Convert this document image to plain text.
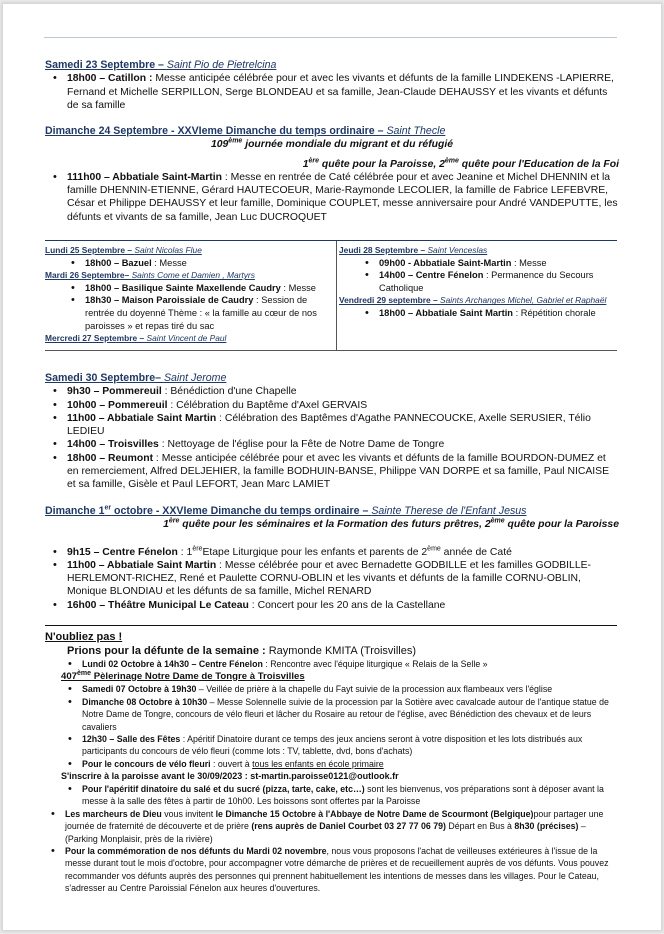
Samedi 23 Septembre – Saint Pio de Pietrelcina
• 18h00 – Catillon : Messe anticipée célébrée pour et avec les vivants et défunts de la famille LINDEKENS -LAPIERRE, Fernand et Michelle SERPILLON, Serge BLONDEAU et sa famille, Jean-Claude DEHAUSSY et les vivants et défunts de sa famille
Dimanche 24 Septembre - XXVIeme Dimanche du temps ordinaire – Saint Thecle
109ème journée mondiale du migrant et du réfugié
1ère quête pour la Paroisse, 2ème quête pour l'Education de la Foi
• 111h00 – Abbatiale Saint-Martin : Messe en rentrée de Caté célébrée pour et avec Jeanine et Michel DHENNIN et la famille DHENNIN-ETIENNE, Gérard HAUTECOEUR, Marie-Raymonde LECOLIER, la famille de Fabrice LEFEBVRE, César et Philippe DEHAUSSY et leur famille, Dominique COUPLET, messe anniversaire pour André VANDEPUTTE, les défunts et vivants de sa famille, Jean Luc DUCROQUET
Lundi 25 Septembre – Saint Nicolas Flue
• 18h00 – Bazuel : Messe
Mardi 26 Septembre– Saints Come et Damien , Martyrs
• 18h00 – Basilique Sainte Maxellende Caudry : Messe
• 18h30 – Maison Paroissiale de Caudry : Session de rentrée du doyenné Thème : « la famille au cœur de nos paroisses » et repas tiré du sac
Mercredi 27 Septembre – Saint Vincent de Paul
Jeudi 28 Septembre – Saint Venceslas
• 09h00 - Abbatiale Saint-Martin : Messe
• 14h00 – Centre Fénelon : Permanence du Secours Catholique
Vendredi 29 septembre – Saints Archanges Michel, Gabriel et Raphaël
• 18h00 – Abbatiale Saint Martin : Répétition chorale
Samedi 30 Septembre– Saint Jerome
• 9h30 – Pommereuil : Bénédiction d'une Chapelle
• 10h00 – Pommereuil : Célébration du Baptême d'Axel GERVAIS
• 11h00 – Abbatiale Saint Martin : Célébration des Baptêmes d'Agathe PANNECOUCKE, Axelle SERUSIER, Télio LEDIEU
• 14h00 – Troisvilles : Nettoyage de l'église pour la Fête de Notre Dame de Tongre
• 18h00 – Reumont : Messe anticipée célébrée pour et avec les vivants et défunts de la famille BOURDON-DUMEZ et en remerciement, Alfred DELJEHIER, la famille BODHUIN-BANSE, Philippe VAN DORPE et sa famille, Paul NICAISE et sa famille, Gisèle et Paul LEFORT, Jean Marc LAMIET
Dimanche 1er octobre - XXVIeme Dimanche du temps ordinaire – Sainte Therese de l'Enfant Jesus
1ère quête pour les séminaires et la Formation des futurs prêtres, 2ème quête pour la Paroisse
• 9h15 – Centre Fénelon : 1èreEtape Liturgique pour les enfants et parents de 2ème année de Caté
• 11h00 – Abbatiale Saint Martin : Messe célébrée pour et avec Bernadette GODBILLE et les familles GODBILLE-HERLEMONT-RICHEZ, René et Paulette CORNU-OBLIN et les vivants et défunts de la famille CORNU-OBLIN, Monique BLONDIAU et les défunts de sa famille, Michel RENARD
• 16h00 – Théâtre Municipal Le Cateau : Concert pour les 20 ans de la Castellane
N'oubliez pas !
Prions pour la défunte de la semaine : Raymonde KMITA (Troisvilles)
• Lundi 02 Octobre à 14h30 – Centre Fénelon : Rencontre avec l'équipe liturgique « Relais de la Selle »
407ème Pèlerinage Notre Dame de Tongre à Troisvilles
• Samedi 07 Octobre à 19h30 – Veillée de prière à la chapelle du Fayt suivie de la procession aux flambeaux vers l'église
• Dimanche 08 Octobre à 10h30 – Messe Solennelle suivie de la procession par la Sotière avec cavalcade autour de l'antique statue de Notre Dame de Tongre, concours de vélo fleuri et lâcher du Rosaire au retour de l'église, avec Bénédiction des chevaux et de leurs cavaliers
• 12h30 – Salle des Fêtes : Apéritif Dinatoire durant ce temps des jeux anciens seront à votre disposition et les lots distribués aux participants du concours de vélo fleuri (comme lots : TV, tablette, dvd, bons d'achats)
• Pour le concours de vélo fleuri : ouvert à tous les enfants en école primaire
S'inscrire à la paroisse avant le 30/09/2023 : st-martin.paroisse0121@outlook.fr
• Pour l'apéritif dinatoire du salé et du sucré (pizza, tarte, cake, etc…) sont les bienvenus, vos préparations sont à déposer avant la messe à la salle des fêtes à partir de 10h00. Les boissons sont offertes par la Paroisse
• Les marcheurs de Dieu vous invitent le Dimanche 15 Octobre à l'Abbaye de Notre Dame de Scourmont (Belgique)pour partager une journée de fraternité de découverte et de prière (rens auprès de Daniel Courbet 03 27 77 06 79) Départ en Bus à 8h30 (précises) – (Parking Monplaisir, près de la rivière)
• Pour la commémoration de nos défunts du Mardi 02 novembre, nous vous proposons l'achat de veilleuses extérieures à l'issue de la messe durant tout le mois d'octobre, pour accompagner votre démarche de prières et de recueillement auprès de vos défunts. Vous pouvez recommander vos défunts auprès des personnes qui prennent habituellement les intentions de messes dans les villages. Pour le Cateau, s'adresser au Centre Paroissial Fénelon aux heures d'ouvertures.
